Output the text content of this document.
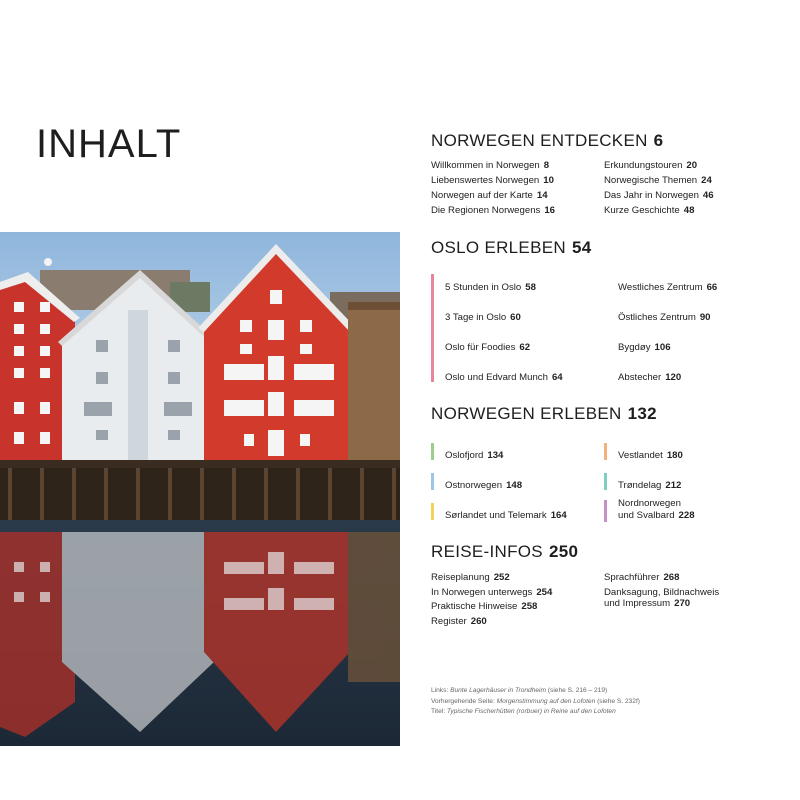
INHALT	NORWEGEN ENTDECKEN 6
Willkommen in Norwegen 8
Liebenswertes Norwegen 10
Norwegen auf der Karte 14
Die Regionen Norwegens 16
Erkundungstouren 20
Norwegische Themen 24
Das Jahr in Norwegen 46
Kurze Geschichte 48
OSLO ERLEBEN 54
5 Stunden in Oslo 58
3 Tage in Oslo 60
Oslo für Foodies 62
Oslo und Edvard Munch 64
Westliches Zentrum 66
Östliches Zentrum 90
Bygdøy 106
Abstecher 120
NORWEGEN ERLEBEN 132
Oslofjord 134
Ostnorwegen 148
Sørlandet und Telemark 164
Vestlandet 180
Trøndelag 212
Nordnorwegen
und Svalbard 228
REISE-INFOS 250
Reiseplanung 252
In Norwegen unterwegs 254
Praktische Hinweise 258
Register 260
Sprachführer 268
Danksagung, Bildnachweis
und Impressum 270
Links: Bunte Lagerhäuser in Trondheim (siehe S. 216 – 219)
Vorhergehende Seite: Morgenstimmung auf den Lofoten (siehe S. 232f)
Titel: Typische Fischerhütten (rorbuer) in Reine auf den Lofoten
